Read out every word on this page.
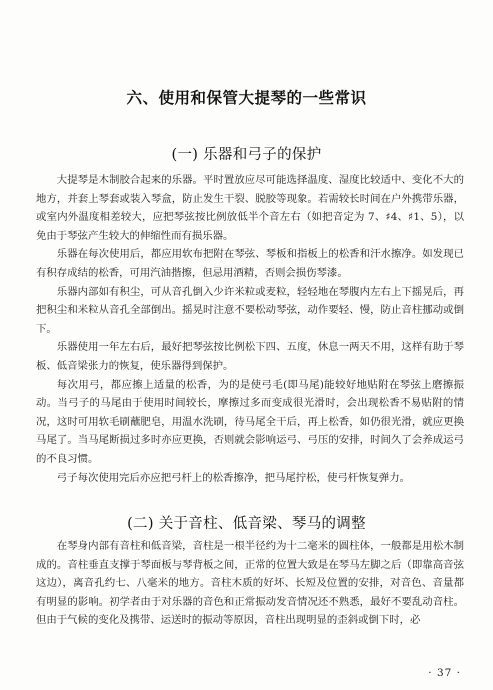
六、使用和保管大提琴的一些常识
(一) 乐器和弓子的保护

大提琴是木制胶合起来的乐器。平时置放应尽可能选择温度、湿度比较适中、变化不大的地方，并套上琴套或装入琴盒，防止发生干裂、脱胶等现象。若需较长时间在户外携带乐器，或室内外温度相差较大，应把琴弦按比例放低半个音左右（如把音定为 7、♯4、♯1、5），以免由于琴弦产生较大的伸缩性而有损乐器。

乐器在每次使用后，都应用软布把附在琴弦、琴板和指板上的松香和汗水擦净。如发现已有积存成结的松香，可用汽油揩擦，但忌用酒精，否则会损伤琴漆。

乐器内部如有积尘，可从音孔倒入少许米粒或麦粒，轻轻地在琴腹内左右上下摇晃后，再把积尘和米粒从音孔全部倒出。摇晃时注意不要松动琴弦，动作要轻、慢，防止音柱挪动或倒下。

乐器使用一年左右后，最好把琴弦按比例松下四、五度，休息一两天不用，这样有助于琴板、低音梁张力的恢复，使乐器得到保护。

每次用弓，都应擦上适量的松香，为的是使弓毛(即马尾)能较好地贴附在琴弦上磨擦振动。当弓子的马尾由于使用时间较长，摩擦过多而变成很光滑时，会出现松香不易贴附的情况，这时可用软毛刷蘸肥皂，用温水洗刷，待马尾全干后，再上松香，如仍很光滑，就应更换马尾了。当马尾断损过多时亦应更换，否则就会影响运弓、弓压的安排，时间久了会养成运弓的不良习惯。

弓子每次使用完后亦应把弓杆上的松香擦净，把马尾拧松，使弓杆恢复弹力。

(二) 关于音柱、低音梁、琴马的调整

在琴身内部有音柱和低音梁，音柱是一根半径约为十二毫米的圆柱体，一般都是用松木制成的。音柱垂直支撑于琴面板与琴背板之间，正常的位置大致是在琴马左脚之后（即靠高音弦这边），离音孔约七、八毫米的地方。音柱木质的好坏、长短及位置的安排，对音色、音量都有明显的影响。初学者由于对乐器的音色和正常振动发音情况还不熟悉，最好不要乱动音柱。但由于气候的变化及携带、运送时的振动等原因，音柱出现明显的歪斜或倒下时，必

· 37 ·
